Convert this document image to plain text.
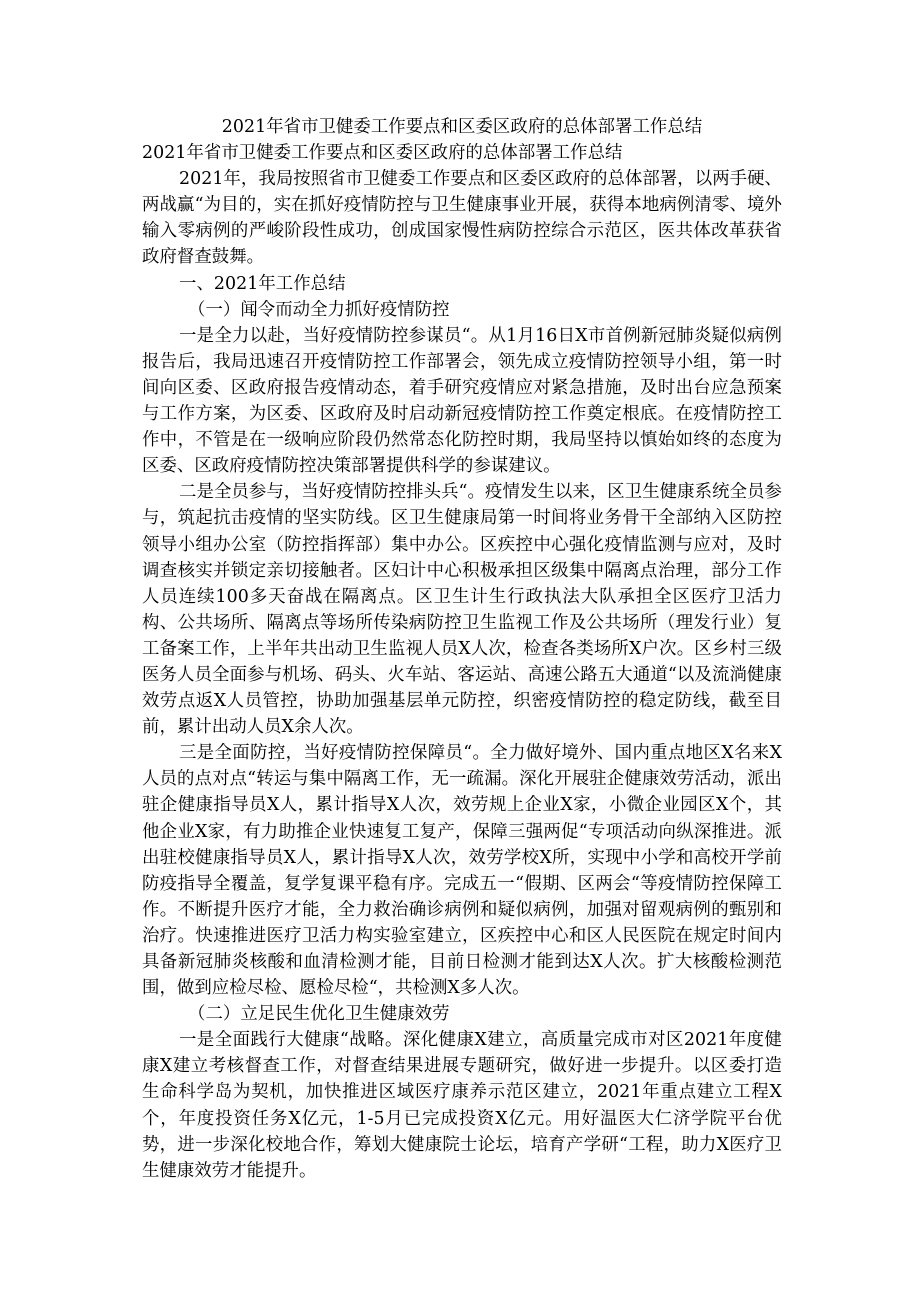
2021年省市卫健委工作要点和区委区政府的总体部署工作总结

2021年省市卫健委工作要点和区委区政府的总体部署工作总结

2021年，我局按照省市卫健委工作要点和区委区政府的总体部署，以两手硬、两战赢“为目的，实在抓好疫情防控与卫生健康事业开展，获得本地病例清零、境外输入零病例的严峻阶段性成功，创成国家慢性病防控综合示范区，医共体改革获省政府督查鼓舞。

一、2021年工作总结

（一）闻令而动全力抓好疫情防控

一是全力以赴，当好疫情防控参谋员“。从1月16日X市首例新冠肺炎疑似病例报告后，我局迅速召开疫情防控工作部署会，领先成立疫情防控领导小组，第一时间向区委、区政府报告疫情动态，着手研究疫情应对紧急措施，及时出台应急预案与工作方案，为区委、区政府及时启动新冠疫情防控工作奠定根底。在疫情防控工作中，不管是在一级响应阶段仍然常态化防控时期，我局坚持以慎始如终的态度为区委、区政府疫情防控决策部署提供科学的参谋建议。

二是全员参与，当好疫情防控排头兵“。疫情发生以来，区卫生健康系统全员参与，筑起抗击疫情的坚实防线。区卫生健康局第一时间将业务骨干全部纳入区防控领导小组办公室（防控指挥部）集中办公。区疾控中心强化疫情监测与应对，及时调查核实并锁定亲切接触者。区妇计中心积极承担区级集中隔离点治理，部分工作人员连续100多天奋战在隔离点。区卫生计生行政执法大队承担全区医疗卫活力构、公共场所、隔离点等场所传染病防控卫生监视工作及公共场所（理发行业）复工备案工作，上半年共出动卫生监视人员X人次，检查各类场所X户次。区乡村三级医务人员全面参与机场、码头、火车站、客运站、高速公路五大通道“以及流淌健康效劳点返X人员管控，协助加强基层单元防控，织密疫情防控的稳定防线，截至目前，累计出动人员X余人次。

三是全面防控，当好疫情防控保障员“。全力做好境外、国内重点地区X名来X人员的点对点“转运与集中隔离工作，无一疏漏。深化开展驻企健康效劳活动，派出驻企健康指导员X人，累计指导X人次，效劳规上企业X家，小微企业园区X个，其他企业X家，有力助推企业快速复工复产，保障三强两促“专项活动向纵深推进。派出驻校健康指导员X人，累计指导X人次，效劳学校X所，实现中小学和高校开学前防疫指导全覆盖，复学复课平稳有序。完成五一“假期、区两会“等疫情防控保障工作。不断提升医疗才能，全力救治确诊病例和疑似病例，加强对留观病例的甄别和治疗。快速推进医疗卫活力构实验室建立，区疾控中心和区人民医院在规定时间内具备新冠肺炎核酸和血清检测才能，目前日检测才能到达X人次。扩大核酸检测范围，做到应检尽检、愿检尽检“，共检测X多人次。

（二）立足民生优化卫生健康效劳

一是全面践行大健康“战略。深化健康X建立，高质量完成市对区2021年度健康X建立考核督查工作，对督查结果进展专题研究，做好进一步提升。以区委打造生命科学岛为契机，加快推进区域医疗康养示范区建立，2021年重点建立工程X个，年度投资任务X亿元，1-5月已完成投资X亿元。用好温医大仁济学院平台优势，进一步深化校地合作，筹划大健康院士论坛，培育产学研“工程，助力X医疗卫生健康效劳才能提升。
